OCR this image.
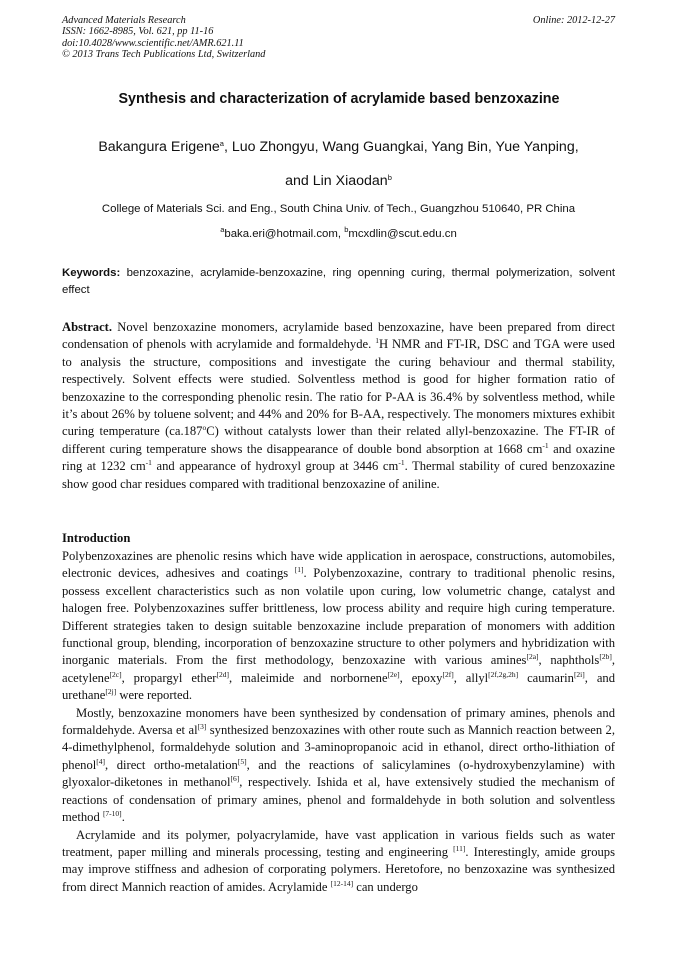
Advanced Materials Research
ISSN: 1662-8985, Vol. 621, pp 11-16
doi:10.4028/www.scientific.net/AMR.621.11
© 2013 Trans Tech Publications Ltd, Switzerland
Online: 2012-12-27
Synthesis and characterization of acrylamide based benzoxazine
Bakangura Erigene$^a$, Luo Zhongyu, Wang Guangkai, Yang Bin, Yue Yanping,
and Lin Xiaodan$^b$
College of Materials Sci. and Eng., South China Univ. of Tech., Guangzhou 510640, PR China
$^a$baka.eri@hotmail.com, $^b$mcxdlin@scut.edu.cn
Keywords: benzoxazine, acrylamide-benzoxazine, ring openning curing, thermal polymerization, solvent effect
Abstract. Novel benzoxazine monomers, acrylamide based benzoxazine, have been prepared from direct condensation of phenols with acrylamide and formaldehyde. $^1$H NMR and FT-IR, DSC and TGA were used to analysis the structure, compositions and investigate the curing behaviour and thermal stability, respectively. Solvent effects were studied. Solventless method is good for higher formation ratio of benzoxazine to the corresponding phenolic resin. The ratio for P-AA is 36.4% by solventless method, while it’s about 26% by toluene solvent; and 44% and 20% for B-AA, respectively. The monomers mixtures exhibit curing temperature (ca.187$^o$C) without catalysts lower than their related allyl-benzoxazine. The FT-IR of different curing temperature shows the disappearance of double bond absorption at 1668 $cm^{-1}$ and oxazine ring at 1232 $cm^{-1}$ and appearance of hydroxyl group at 3446 $cm^{-1}$. Thermal stability of cured benzoxazine show good char residues compared with traditional benzoxazine of aniline.
Introduction

Polybenzoxazines are phenolic resins which have wide application in aerospace, constructions, automobiles, electronic devices, adhesives and coatings [1]. Polybenzoxazine, contrary to traditional phenolic resins, possess excellent characteristics such as non volatile upon curing, low volumetric change, catalyst and halogen free. Polybenzoxazines suffer brittleness, low process ability and require high curing temperature. Different strategies taken to design suitable benzoxazine include preparation of monomers with addition functional group, blending, incorporation of benzoxazine structure to other polymers and hybridization with inorganic materials. From the first methodology, benzoxazine with various amines[2a], naphthols[2b], acetylene[2c], propargyl ether[2d], maleimide and norbornene[2e], epoxy[2f], allyl[2f,2g,2h] caumarin[2i], and urethane[2j] were reported.

Mostly, benzoxazine monomers have been synthesized by condensation of primary amines, phenols and formaldehyde. Aversa et al[3] synthesized benzoxazines with other route such as Mannich reaction between 2, 4-dimethylphenol, formaldehyde solution and 3-aminopropanoic acid in ethanol, direct ortho-lithiation of phenol[4], direct ortho-metalation[5], and the reactions of salicylamines (o-hydroxybenzylamine) with glyoxalor-diketones in methanol[6], respectively. Ishida et al, have extensively studied the mechanism of reactions of condensation of primary amines, phenol and formaldehyde in both solution and solventless method [7-10].

Acrylamide and its polymer, polyacrylamide, have vast application in various fields such as water treatment, paper milling and minerals processing, testing and engineering [11]. Interestingly, amide groups may improve stiffness and adhesion of corporating polymers. Heretofore, no benzoxazine was synthesized from direct Mannich reaction of amides. Acrylamide [12-14] can undergo
